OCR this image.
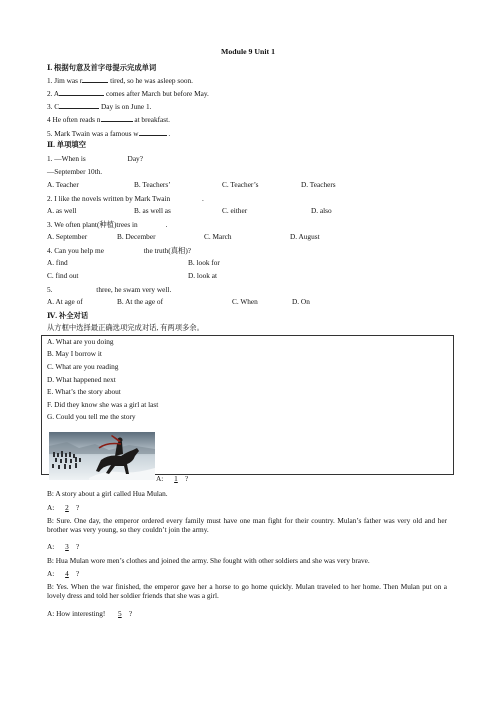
Module 9 Unit 1
Ⅰ. 根据句意及首字母提示完成单词
1. Jim was r	tired, so he was asleep soon.
2. A	comes after March but before May.
3. C	Day is on June 1.
4 He often reads n	at breakfast.
5. Mark Twain was a famous w	.
Ⅱ. 单项填空
1. —When is	Day?
—September 10th.
A. Teacher	B. Teachers’	C. Teacher’s	D. Teachers
2. I like the novels written by Mark Twain	.
A. as well	B. as well as	C. either	D. also
3. We often plant(种植)trees in	.
A. September	B. December	C. March	D. August
4. Can you help me	the truth(真相)?
A. find	B. look for
C. find out	D. look at
5.	three, he swam very well.
A. At age of	B. At the age of	C. When	D. On
Ⅳ. 补全对话
从方框中选择最正确选项完成对话, 有两项多余。
A. What are you doing
B. May I borrow it
C. What are you reading
D. What happened next
E. What’s the story about
F. Did they know she was a girl at last
G. Could you tell me the story
A: 1 ?
B: A story about a girl called Hua Mulan.
A: 2 ?
B: Sure. One day, the emperor ordered every family must have one man fight for their country. Mulan’s father was very old and her brother was very young, so they couldn’t join the army.
A: 3 ?
B: Hua Mulan wore men’s clothes and joined the army. She fought with other soldiers and she was very brave.
A: 4 ?
B: Yes. When the war finished, the emperor gave her a horse to go home quickly. Mulan traveled to her home. Then Mulan put on a lovely dress and told her soldier friends that she was a girl.
A: How interesting! 5 ?
